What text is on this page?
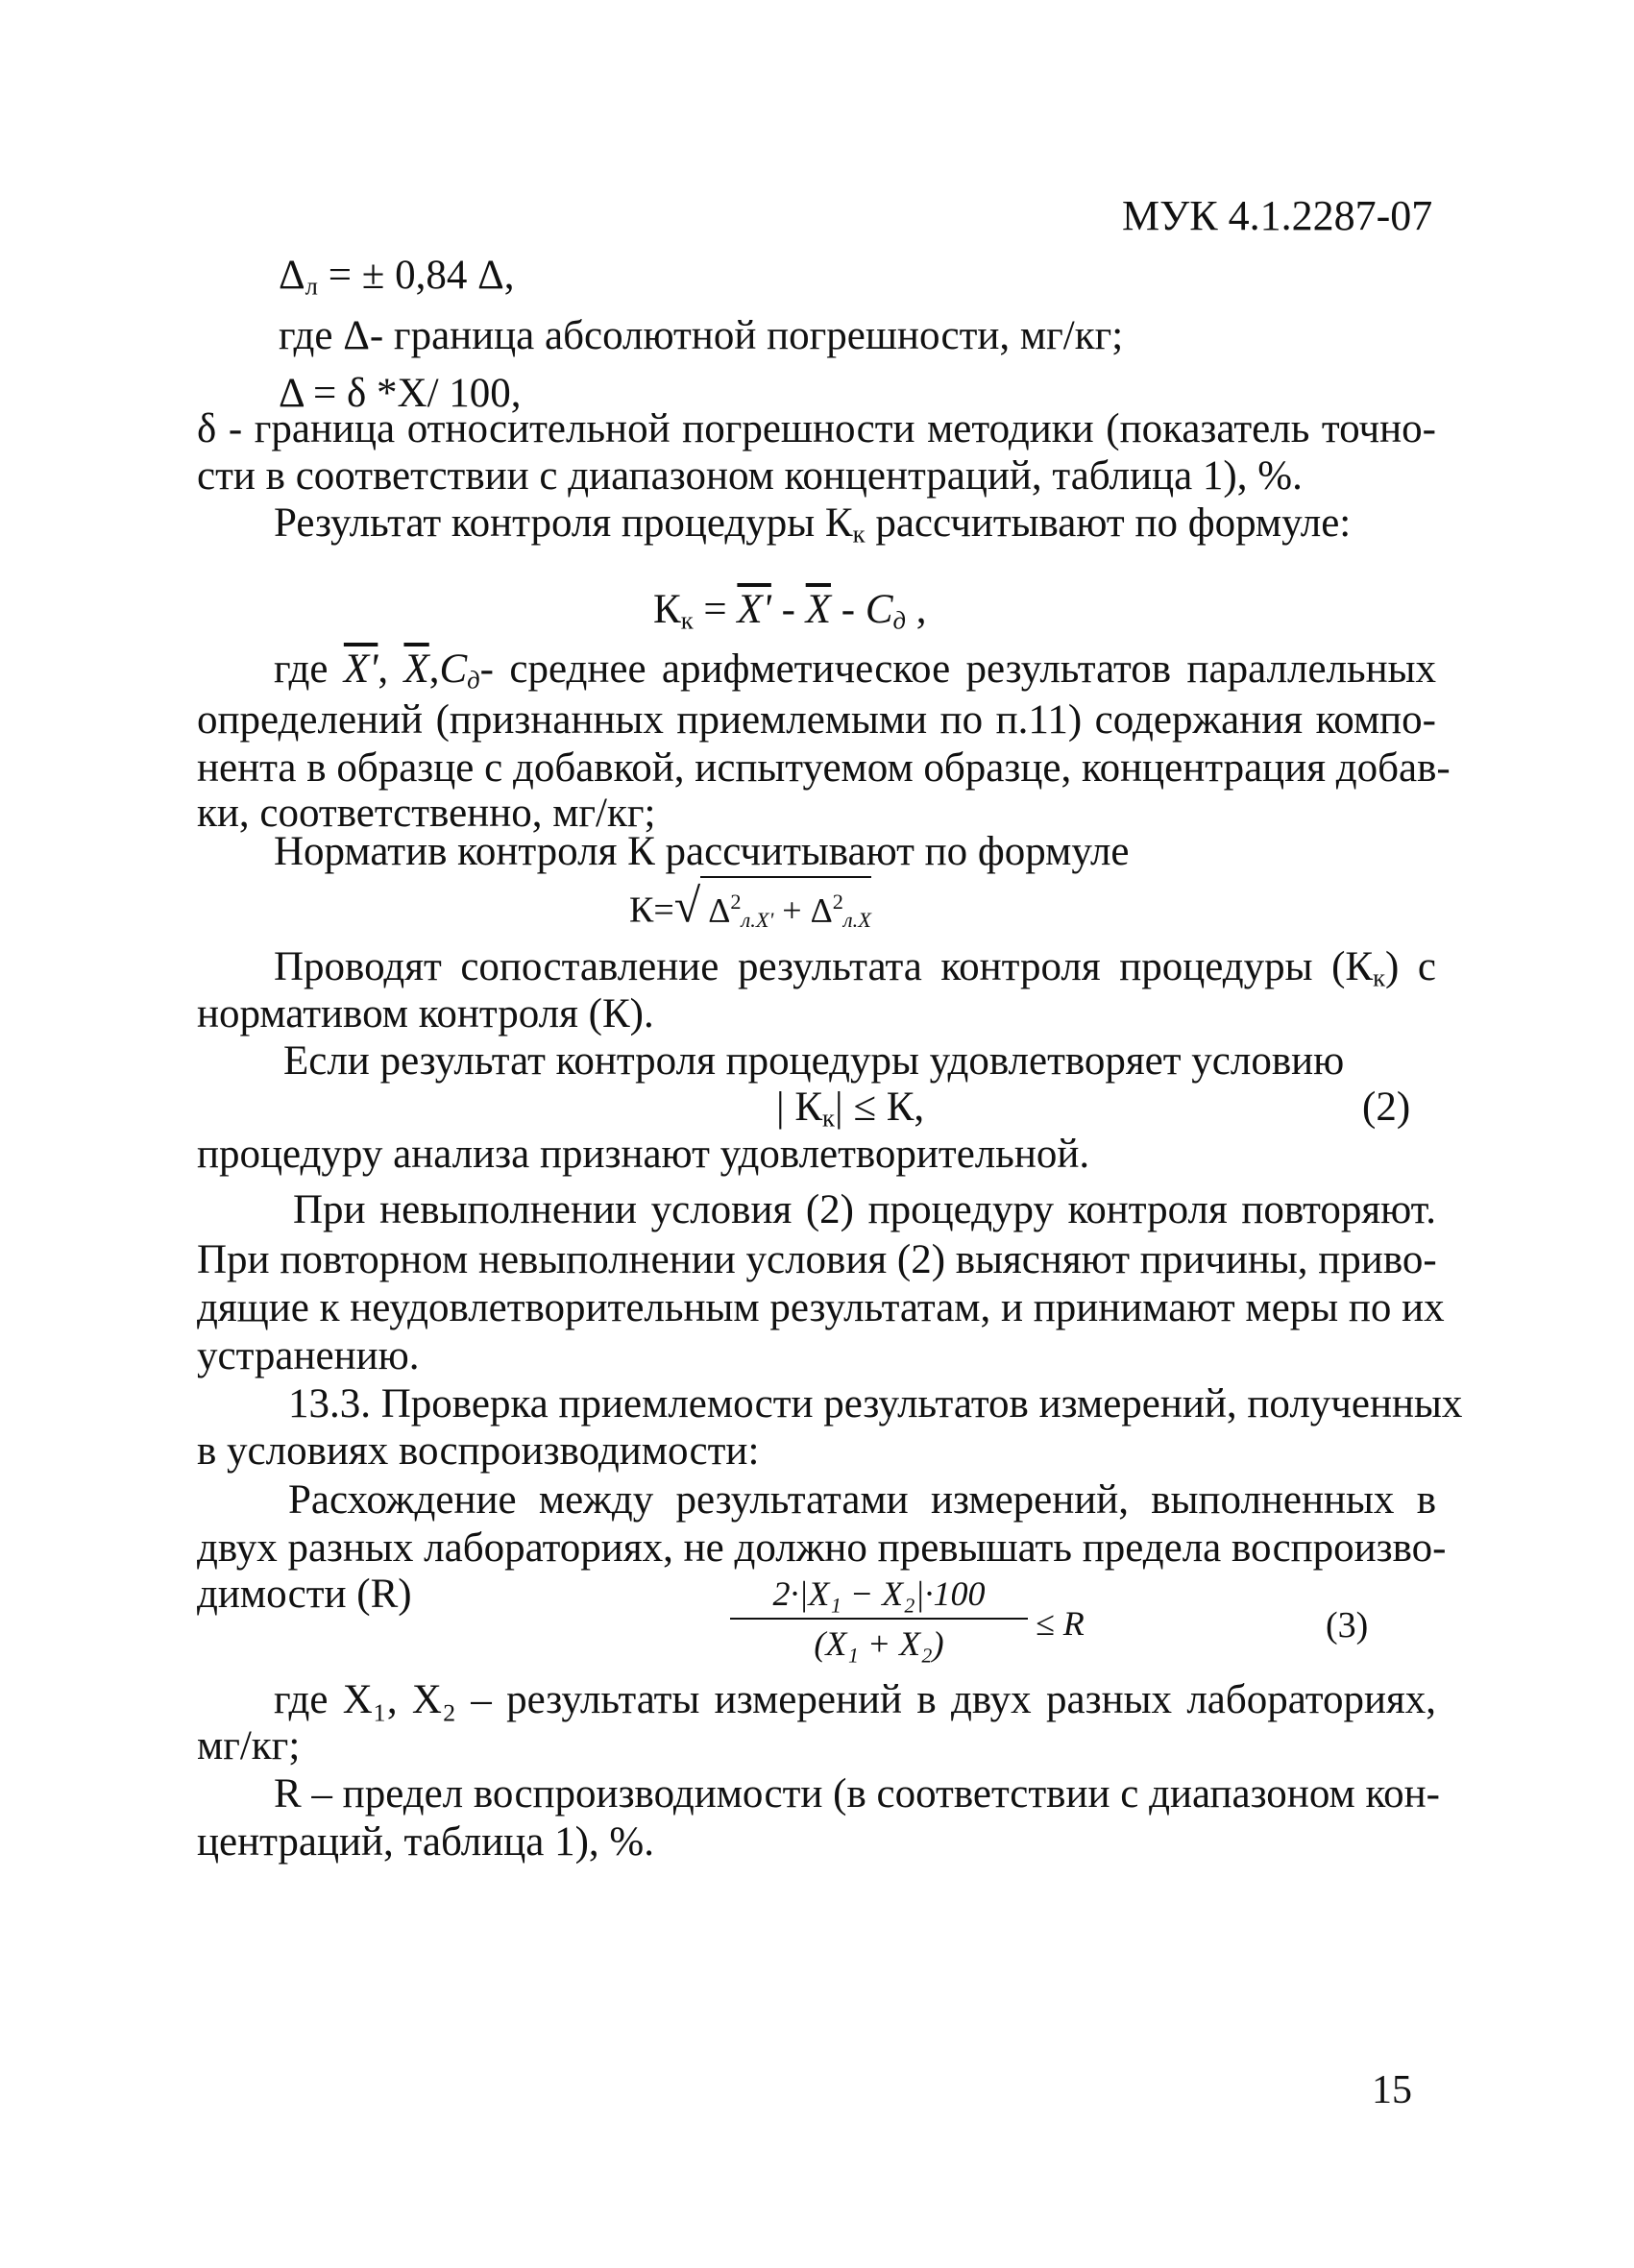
МУК 4.1.2287-07
$\Delta_л$ = ± 0,84 Δ,
где Δ- граница абсолютной погрешности, мг/кг;
Δ = δ *Х/ 100,
δ - граница относительной погрешности методики (показатель точно-
сти в соответствии с диапазоном концентраций, таблица 1), %.
Результат контроля процедуры $К_к$ рассчитывают по формуле:
$К_к = X' - \overline{X} - C_д$ ,
где X', $\overline{X},C_д-$ среднее арифметическое результатов параллельных
определений (признанных приемлемыми по п.11) содержания компо-
нента в образце с добавкой, испытуемом образце, концентрация добав-
ки, соответственно, мг/кг;
Норматив контроля К рассчитывают по формуле
К=√ $\Delta^2_{л.X'} + \Delta^2_{л.X}$
Проводят сопоставление результата контроля процедуры $(К_к)$ с
нормативом контроля (К).
Если результат контроля процедуры удовлетворяет условию
| $К_к| \le К$,	(2)
процедуру анализа признают удовлетворительной.
При невыполнении условия (2) процедуру контроля повторяют.
При повторном невыполнении условия (2) выясняют причины, приво-
дящие к неудовлетворительным результатам, и принимают меры по их
устранению.
13.3. Проверка приемлемости результатов измерений, полученных
в условиях воспроизводимости:
Расхождение между результатами измерений, выполненных в
двух разных лабораториях, не должно превышать предела воспроизво-
димости (R)	$\frac{\text{2·|X₁ − X₂|·100}}{\text{(X₁ + X₂)}} \le R$	(3)
где X₁, X₂ – результаты измерений в двух разных лабораториях,
мг/кг;
R – предел воспроизводимости (в соответствии с диапазоном кон-
центраций, таблица 1), %.
15
